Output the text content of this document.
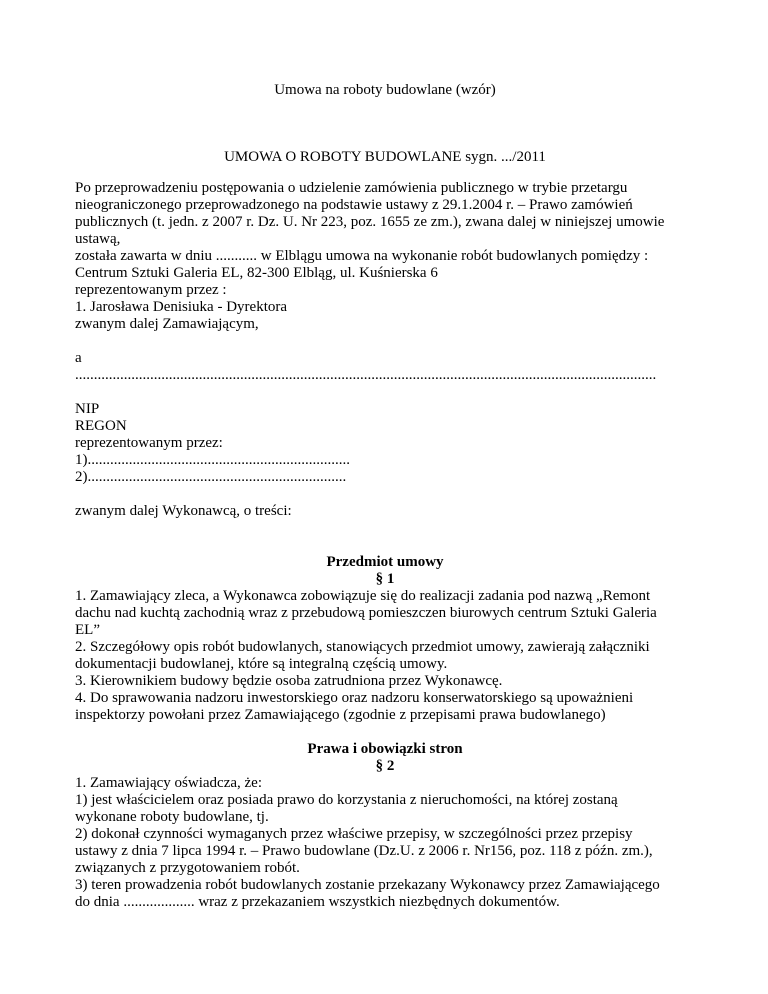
Umowa na roboty budowlane (wzór)
UMOWA O ROBOTY BUDOWLANE sygn. .../2011
Po przeprowadzeniu postępowania o udzielenie zamówienia publicznego w trybie przetargu
nieograniczonego przeprowadzonego na podstawie ustawy z 29.1.2004 r. – Prawo zamówień
publicznych (t. jedn. z 2007 r. Dz. U. Nr 223, poz. 1655 ze zm.), zwana dalej w niniejszej umowie
ustawą,
została zawarta w dniu ........... w Elblągu umowa na wykonanie robót budowlanych pomiędzy :
Centrum Sztuki Galeria EL, 82-300 Elbląg, ul. Kuśnierska 6
reprezentowanym przez :
1. Jarosława Denisiuka - Dyrektora
zwanym dalej Zamawiającym,
a
...........................................................................................................................................................
NIP
REGON
reprezentowanym przez:
1)......................................................................
2).....................................................................
zwanym dalej Wykonawcą, o treści:
Przedmiot umowy
§ 1
1. Zamawiający zleca, a Wykonawca zobowiązuje się do realizacji zadania pod nazwą „Remont
dachu nad kuchtą zachodnią wraz z przebudową pomieszczen biurowych centrum Sztuki Galeria
EL”
2. Szczegółowy opis robót budowlanych, stanowiących przedmiot umowy, zawierają załączniki
dokumentacji budowlanej, które są integralną częścią umowy.
3. Kierownikiem budowy będzie osoba zatrudniona przez Wykonawcę.
4. Do sprawowania nadzoru inwestorskiego oraz nadzoru konserwatorskiego są upoważnieni
inspektorzy powołani przez Zamawiającego (zgodnie z przepisami prawa budowlanego)
Prawa i obowiązki stron
§ 2
1. Zamawiający oświadcza, że:
1) jest właścicielem oraz posiada prawo do korzystania z nieruchomości, na której zostaną
wykonane roboty budowlane, tj.
2) dokonał czynności wymaganych przez właściwe przepisy, w szczególności przez przepisy
ustawy z dnia 7 lipca 1994 r. – Prawo budowlane (Dz.U. z 2006 r. Nr156, poz. 118 z późn. zm.),
związanych z przygotowaniem robót.
3) teren prowadzenia robót budowlanych zostanie przekazany Wykonawcy przez Zamawiającego
do dnia ................... wraz z przekazaniem wszystkich niezbędnych dokumentów.
